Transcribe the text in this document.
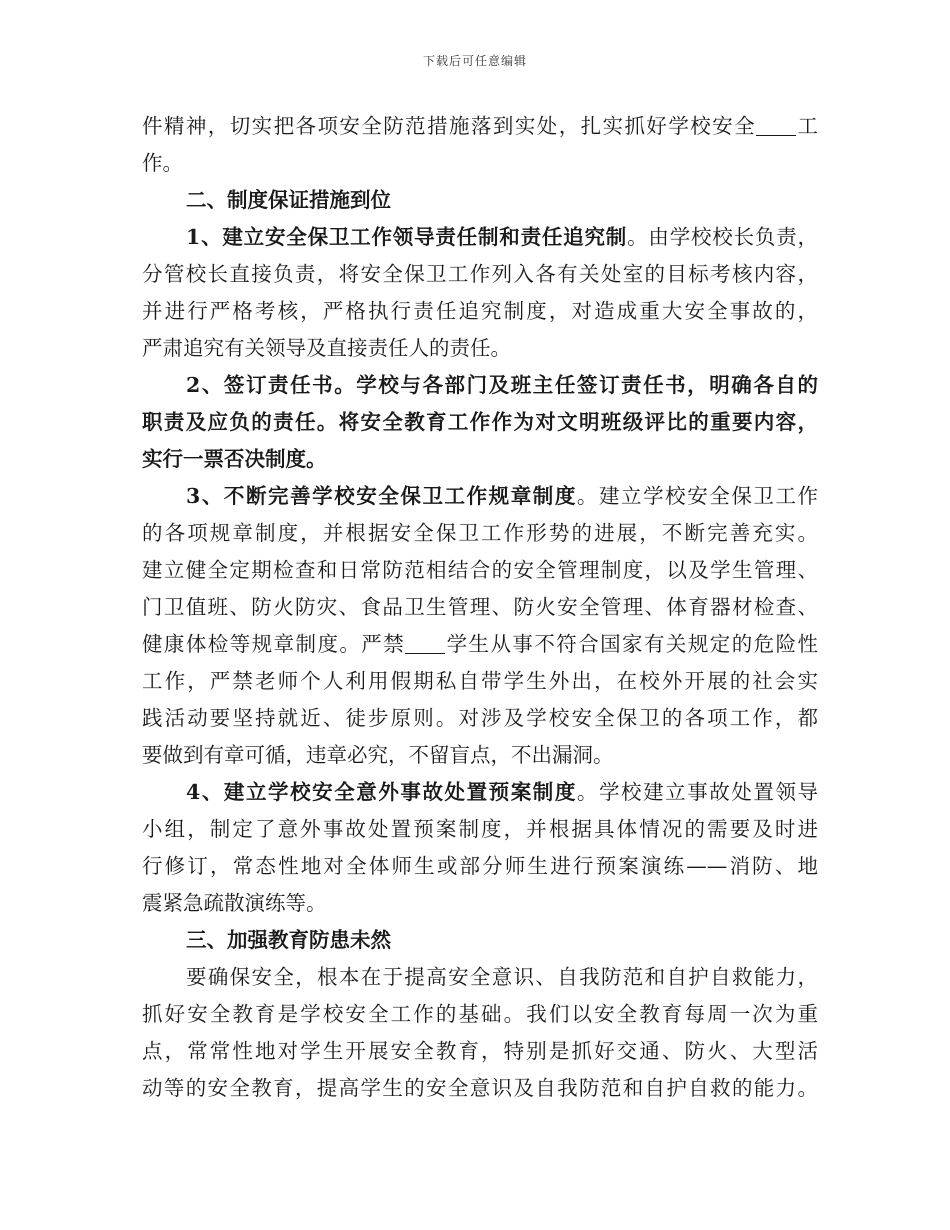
下载后可任意编辑
件精神，切实把各项安全防范措施落到实处，扎实抓好学校安全 工
作。
二、制度保证措施到位
1、建立安全保卫工作领导责任制和责任追究制。由学校校长负责，
分管校长直接负责，将安全保卫工作列入各有关处室的目标考核内容，
并进行严格考核，严格执行责任追究制度，对造成重大安全事故的，
严肃追究有关领导及直接责任人的责任。
2、签订责任书。学校与各部门及班主任签订责任书，明确各自的
职责及应负的责任。将安全教育工作作为对文明班级评比的重要内容，
实行一票否决制度。
3、不断完善学校安全保卫工作规章制度。建立学校安全保卫工作
的各项规章制度，并根据安全保卫工作形势的进展，不断完善充实。
建立健全定期检查和日常防范相结合的安全管理制度，以及学生管理、
门卫值班、防火防灾、食品卫生管理、防火安全管理、体育器材检查、
健康体检等规章制度。严禁 学生从事不符合国家有关规定的危险性
工作，严禁老师个人利用假期私自带学生外出，在校外开展的社会实
践活动要坚持就近、徒步原则。对涉及学校安全保卫的各项工作，都
要做到有章可循，违章必究，不留盲点，不出漏洞。
4、建立学校安全意外事故处置预案制度。学校建立事故处置领导
小组，制定了意外事故处置预案制度，并根据具体情况的需要及时进
行修订，常态性地对全体师生或部分师生进行预案演练——消防、地
震紧急疏散演练等。
三、加强教育防患未然
要确保安全，根本在于提高安全意识、自我防范和自护自救能力，
抓好安全教育是学校安全工作的基础。我们以安全教育每周一次为重
点，常常性地对学生开展安全教育，特别是抓好交通、防火、大型活
动等的安全教育，提高学生的安全意识及自我防范和自护自救的能力。
